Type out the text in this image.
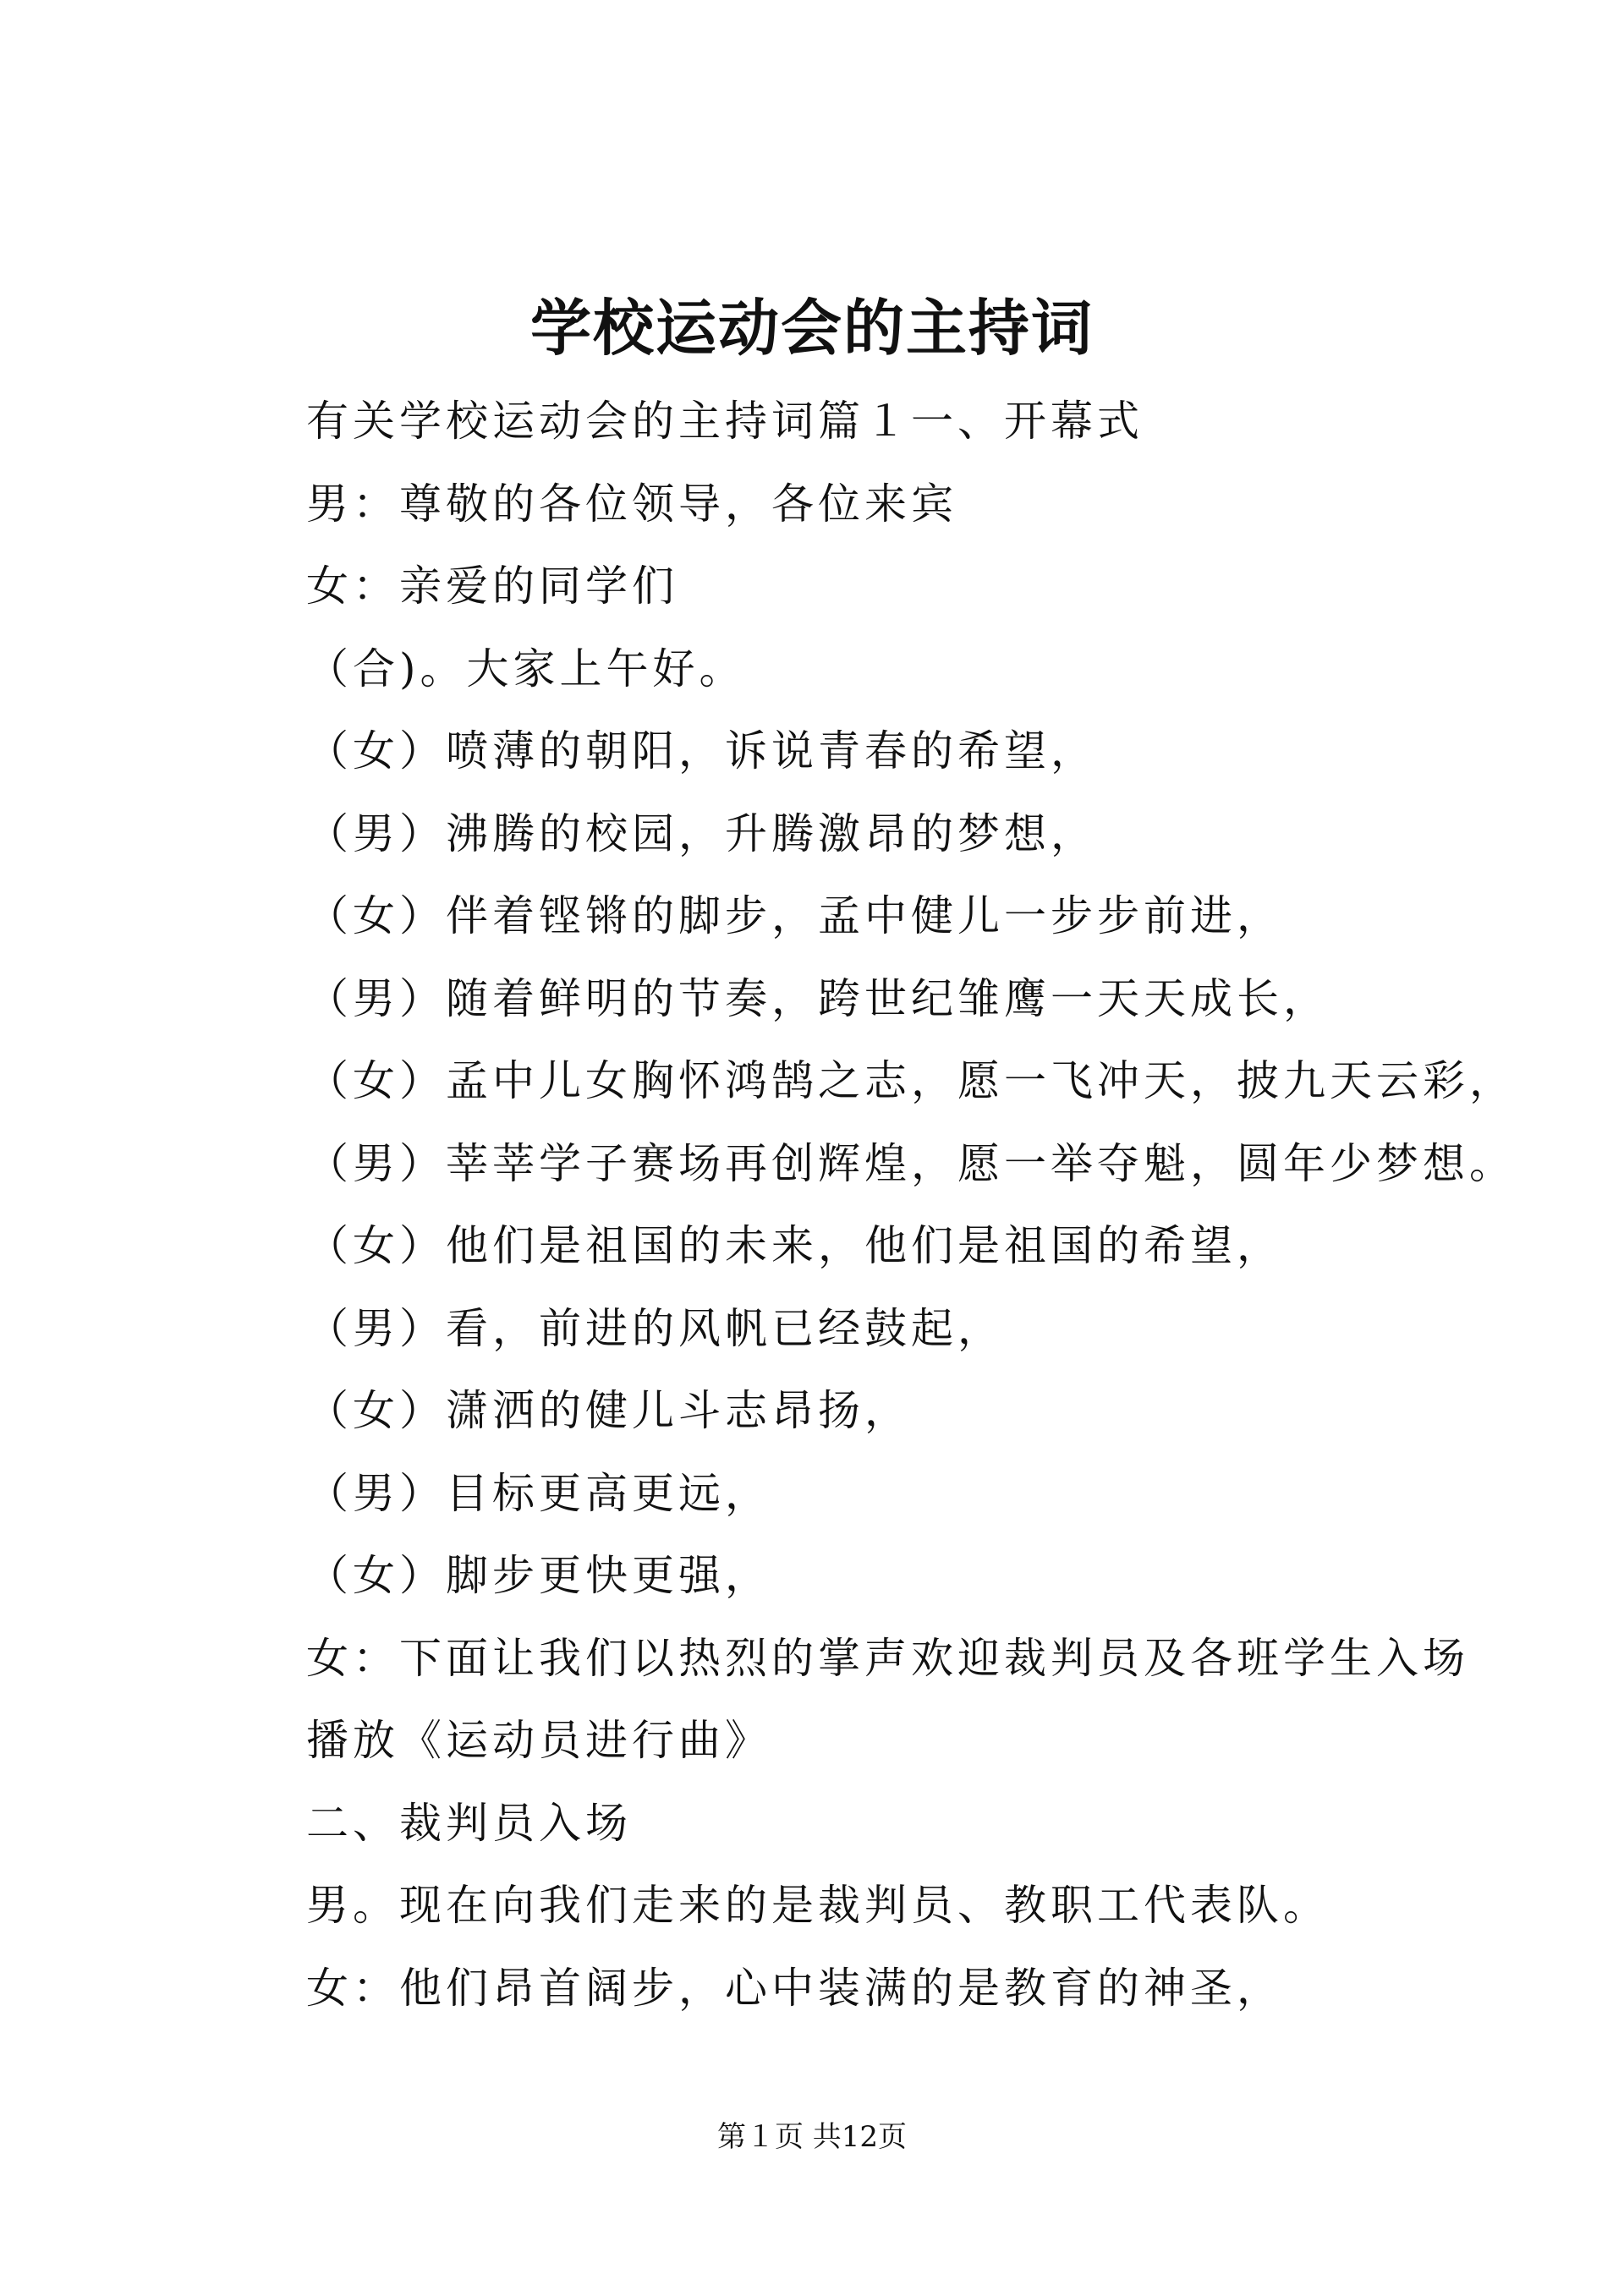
学校运动会的主持词
有关学校运动会的主持词篇１一、开幕式
男：尊敬的各位领导，各位来宾
女：亲爱的同学们
（合)。大家上午好。
（女）喷薄的朝阳，诉说青春的希望，
（男）沸腾的校园，升腾激昂的梦想，
（女）伴着铿锵的脚步，孟中健儿一步步前进，
（男）随着鲜明的节奏，跨世纪雏鹰一天天成长，
（女）孟中儿女胸怀鸿鹄之志，愿一飞冲天，披九天云彩，
（男）莘莘学子赛场再创辉煌，愿一举夺魁，圆年少梦想。
（女）他们是祖国的未来，他们是祖国的希望，
（男）看，前进的风帆已经鼓起，
（女）潇洒的健儿斗志昂扬，
（男）目标更高更远，
（女）脚步更快更强，
女：下面让我们以热烈的掌声欢迎裁判员及各班学生入场
播放《运动员进行曲》
二、裁判员入场
男。现在向我们走来的是裁判员、教职工代表队。
女：他们昂首阔步，心中装满的是教育的神圣，
第１页 共12页
